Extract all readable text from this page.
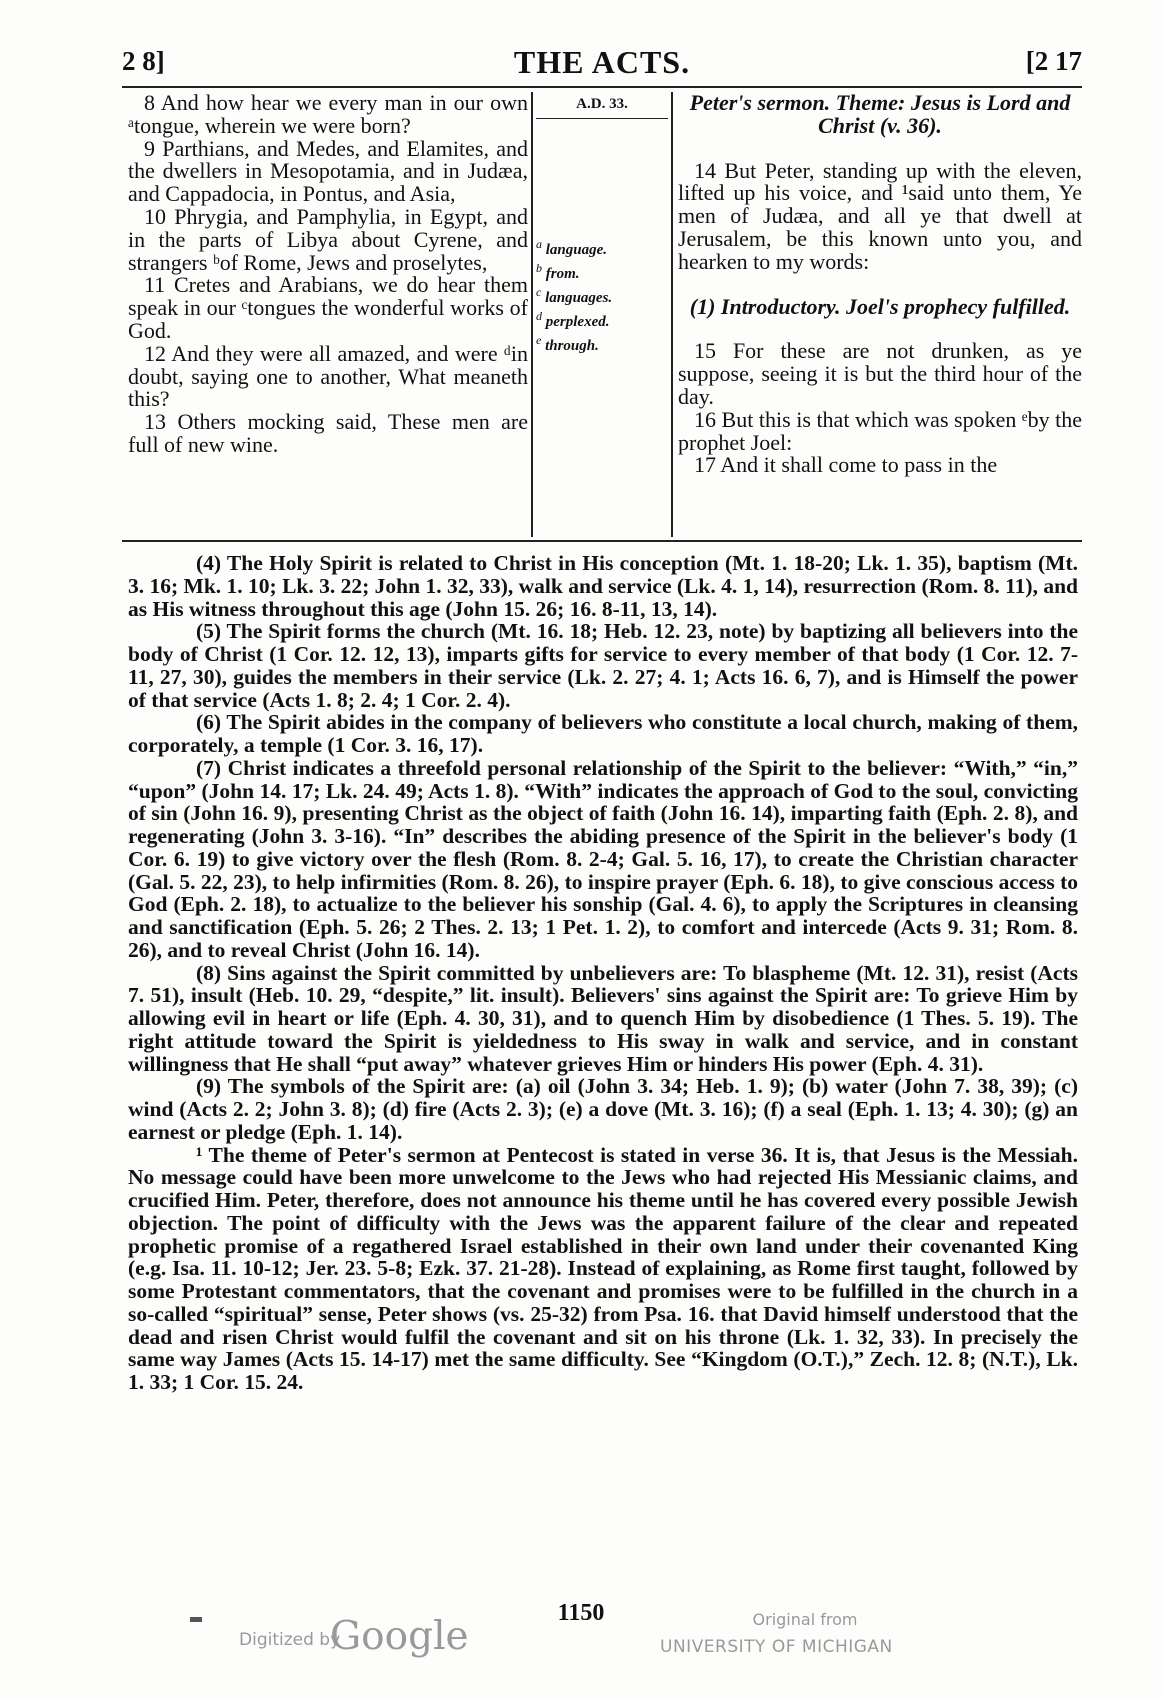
2 8]	THE ACTS.	[2 17

8 And how hear we every man in our own ᵃtongue, wherein we were born?

9 Parthians, and Medes, and Elamites, and the dwellers in Mesopotamia, and in Judæa, and Cappadocia, in Pontus, and Asia,

10 Phrygia, and Pamphylia, in Egypt, and in the parts of Libya about Cyrene, and strangers ᵇof Rome, Jews and proselytes,

11 Cretes and Arabians, we do hear them speak in our ᶜtongues the wonderful works of God.

12 And they were all amazed, and were ᵈin doubt, saying one to another, What meaneth this?

13 Others mocking said, These men are full of new wine.

A.D. 33.
$^a$ language.
$^b$ from.
$^c$ languages.
$^d$ perplexed.
$^e$ through.

Peter's sermon. Theme: Jesus is Lord and Christ (v. 36).

14 But Peter, standing up with the eleven, lifted up his voice, and ¹said unto them, Ye men of Judæa, and all ye that dwell at Jerusalem, be this known unto you, and hearken to my words:

(1) Introductory. Joel's prophecy fulfilled.

15 For these are not drunken, as ye suppose, seeing it is but the third hour of the day.

16 But this is that which was spoken ᵉby the prophet Joel:

17 And it shall come to pass in the

(4) The Holy Spirit is related to Christ in His conception (Mt. 1. 18-20; Lk. 1. 35), baptism (Mt. 3. 16; Mk. 1. 10; Lk. 3. 22; John 1. 32, 33), walk and service (Lk. 4. 1, 14), resurrection (Rom. 8. 11), and as His witness throughout this age (John 15. 26; 16. 8-11, 13, 14).

(5) The Spirit forms the church (Mt. 16. 18; Heb. 12. 23, note) by baptizing all believers into the body of Christ (1 Cor. 12. 12, 13), imparts gifts for service to every member of that body (1 Cor. 12. 7-11, 27, 30), guides the members in their service (Lk. 2. 27; 4. 1; Acts 16. 6, 7), and is Himself the power of that service (Acts 1. 8; 2. 4; 1 Cor. 2. 4).

(6) The Spirit abides in the company of believers who constitute a local church, making of them, corporately, a temple (1 Cor. 3. 16, 17).

(7) Christ indicates a threefold personal relationship of the Spirit to the believer: “With,” “in,” “upon” (John 14. 17; Lk. 24. 49; Acts 1. 8). “With” indicates the approach of God to the soul, convicting of sin (John 16. 9), presenting Christ as the object of faith (John 16. 14), imparting faith (Eph. 2. 8), and regenerating (John 3. 3-16). “In” describes the abiding presence of the Spirit in the believer's body (1 Cor. 6. 19) to give victory over the flesh (Rom. 8. 2-4; Gal. 5. 16, 17), to create the Christian character (Gal. 5. 22, 23), to help infirmities (Rom. 8. 26), to inspire prayer (Eph. 6. 18), to give conscious access to God (Eph. 2. 18), to actualize to the believer his sonship (Gal. 4. 6), to apply the Scriptures in cleansing and sanctification (Eph. 5. 26; 2 Thes. 2. 13; 1 Pet. 1. 2), to comfort and intercede (Acts 9. 31; Rom. 8. 26), and to reveal Christ (John 16. 14).

(8) Sins against the Spirit committed by unbelievers are: To blaspheme (Mt. 12. 31), resist (Acts 7. 51), insult (Heb. 10. 29, “despite,” lit. insult). Believers' sins against the Spirit are: To grieve Him by allowing evil in heart or life (Eph. 4. 30, 31), and to quench Him by disobedience (1 Thes. 5. 19). The right attitude toward the Spirit is yieldedness to His sway in walk and service, and in constant willingness that He shall “put away” whatever grieves Him or hinders His power (Eph. 4. 31).

(9) The symbols of the Spirit are: (a) oil (John 3. 34; Heb. 1. 9); (b) water (John 7. 38, 39); (c) wind (Acts 2. 2; John 3. 8); (d) fire (Acts 2. 3); (e) a dove (Mt. 3. 16); (f) a seal (Eph. 1. 13; 4. 30); (g) an earnest or pledge (Eph. 1. 14).

¹ The theme of Peter's sermon at Pentecost is stated in verse 36. It is, that Jesus is the Messiah. No message could have been more unwelcome to the Jews who had rejected His Messianic claims, and crucified Him. Peter, therefore, does not announce his theme until he has covered every possible Jewish objection. The point of difficulty with the Jews was the apparent failure of the clear and repeated prophetic promise of a regathered Israel established in their own land under their covenanted King (e.g. Isa. 11. 10-12; Jer. 23. 5-8; Ezk. 37. 21-28). Instead of explaining, as Rome first taught, followed by some Protestant commentators, that the covenant and promises were to be fulfilled in the church in a so-called “spiritual” sense, Peter shows (vs. 25-32) from Psa. 16. that David himself understood that the dead and risen Christ would fulfil the covenant and sit on his throne (Lk. 1. 32, 33). In precisely the same way James (Acts 15. 14-17) met the same difficulty. See “Kingdom (O.T.),” Zech. 12. 8; (N.T.), Lk. 1. 33; 1 Cor. 15. 24.

1150
Digitized by
Google	Original from
UNIVERSITY OF MICHIGAN
